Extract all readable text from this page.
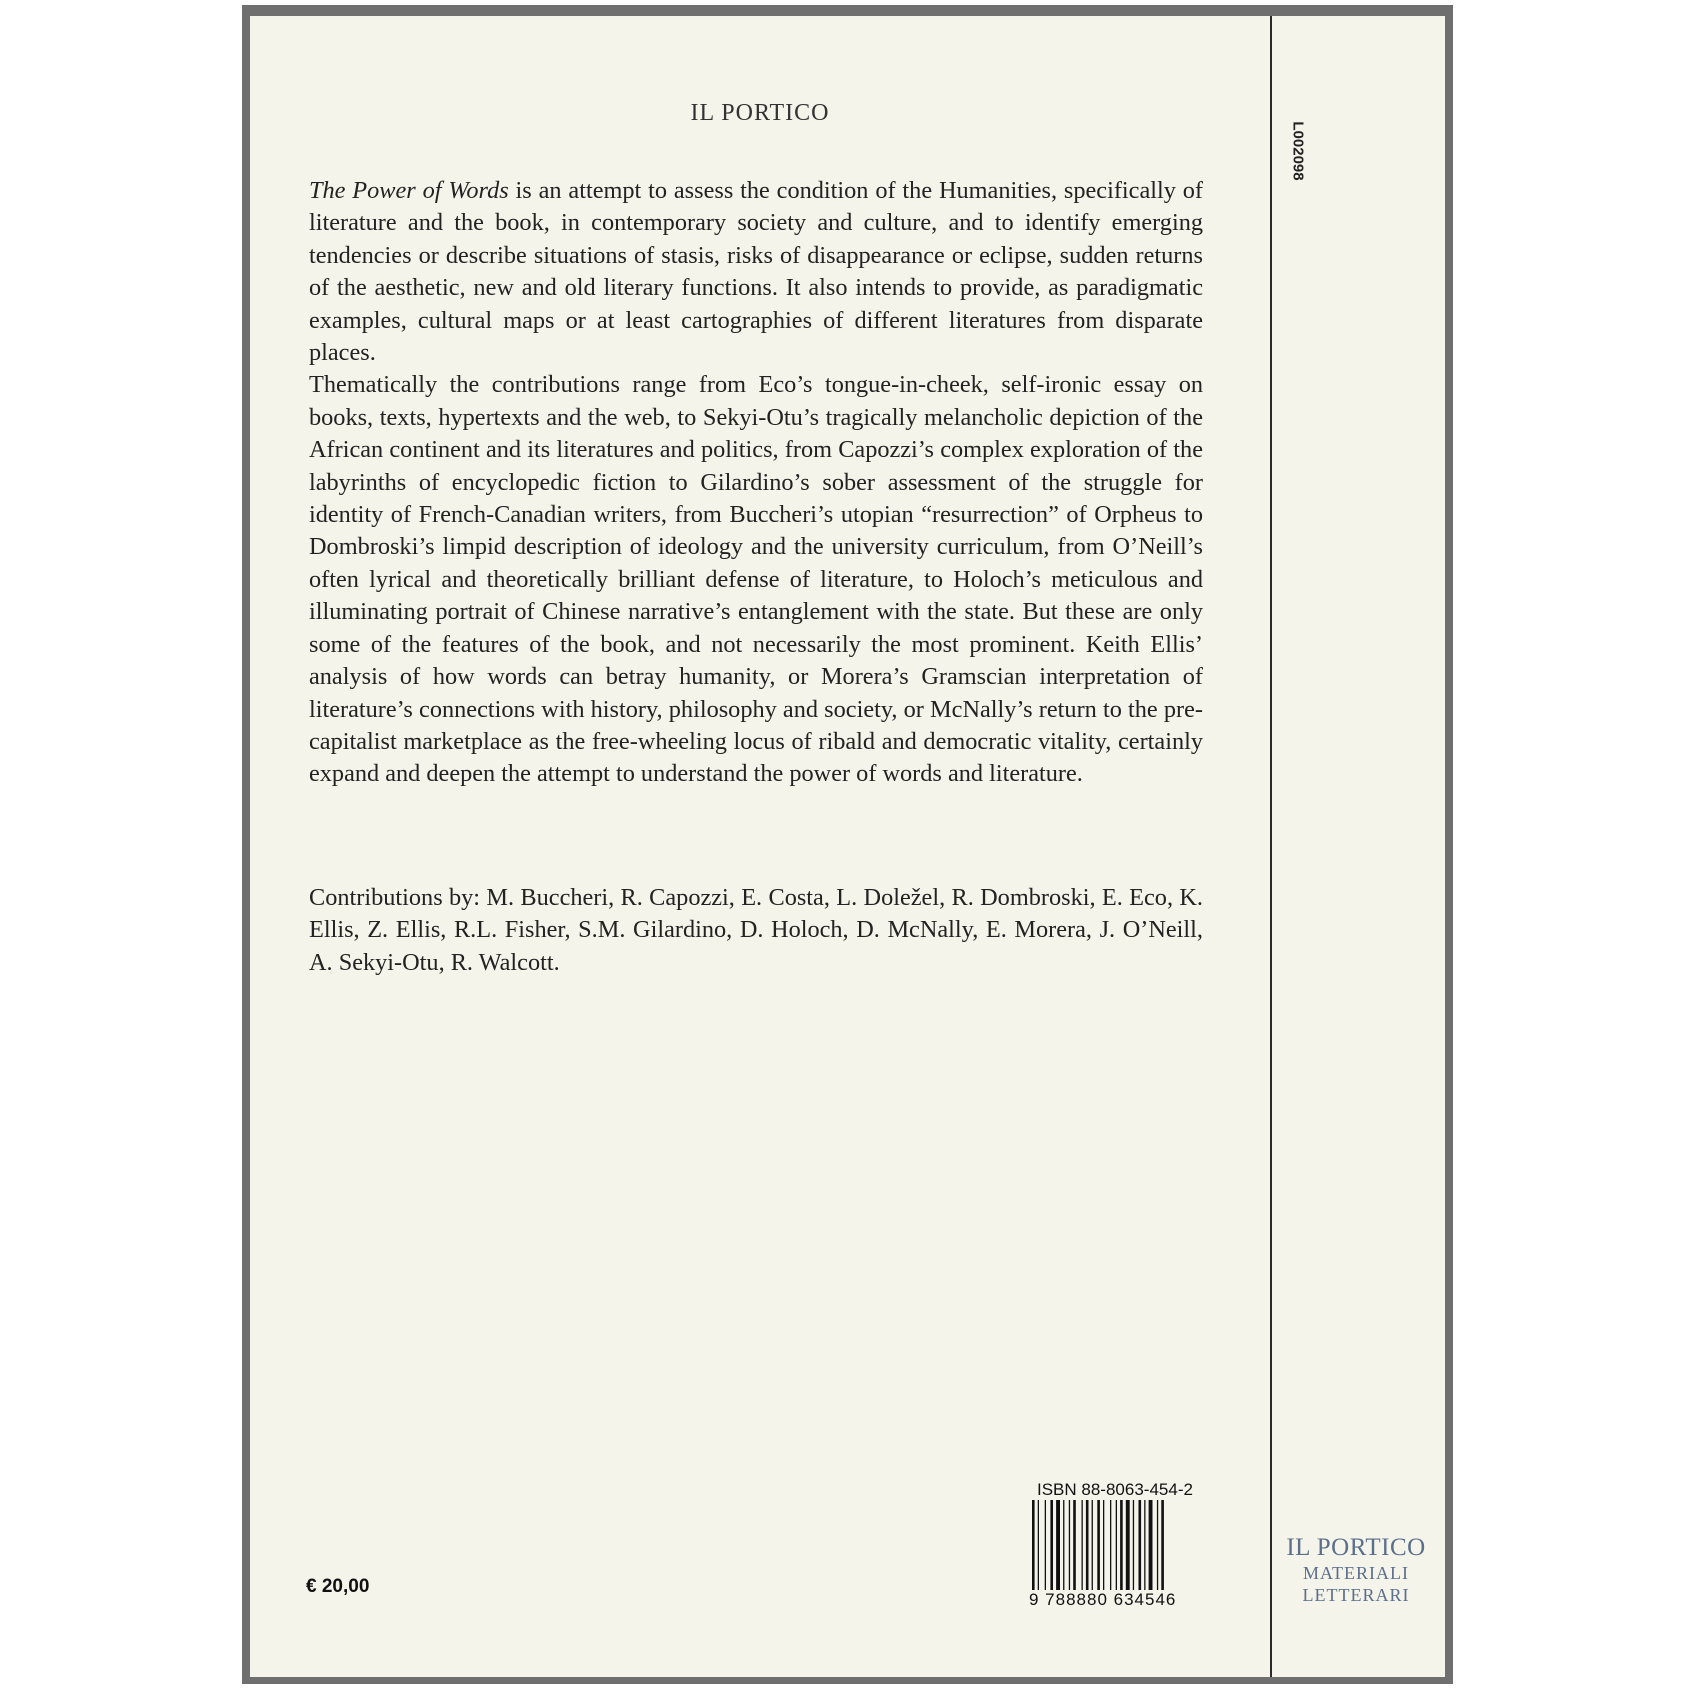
IL PORTICO
L002098

The Power of Words is an attempt to assess the condition of the Humanities, specifically of literature and the book, in contemporary society and culture, and to identify emerging tendencies or describe situations of stasis, risks of disappearance or eclipse, sudden returns of the aesthetic, new and old literary functions. It also intends to provide, as paradigmatic examples, cultural maps or at least cartographies of different literatures from disparate places.

Thematically the contributions range from Eco’s tongue-in-cheek, self-ironic essay on books, texts, hypertexts and the web, to Sekyi-Otu’s tragically melancholic depiction of the African continent and its literatures and politics, from Capozzi’s complex exploration of the labyrinths of encyclopedic fiction to Gilardino’s sober assessment of the struggle for identity of French-Canadian writers, from Buccheri’s utopian “resurrection” of Orpheus to Dombroski’s limpid description of ideology and the university curriculum, from O’Neill’s often lyrical and theoretically brilliant defense of literature, to Holoch’s meticulous and illuminating portrait of Chinese narrative’s entanglement with the state. But these are only some of the features of the book, and not necessarily the most prominent. Keith Ellis’ analysis of how words can betray humanity, or Morera’s Gramscian interpretation of literature’s connections with history, philosophy and society, or McNally’s return to the pre-capitalist marketplace as the free-wheeling locus of ribald and democratic vitality, certainly expand and deepen the attempt to understand the power of words and literature.

Contributions by: M. Buccheri, R. Capozzi, E. Costa, L. Doležel, R. Dombroski, E. Eco, K. Ellis, Z. Ellis, R.L. Fisher, S.M. Gilardino, D. Holoch, D. McNally, E. Morera, J. O’Neill, A. Sekyi-Otu, R. Walcott.
ISBN 88-8063-454-2
9 788880 634546
€ 20,00
IL PORTICO
MATERIALI
LETTERARI
